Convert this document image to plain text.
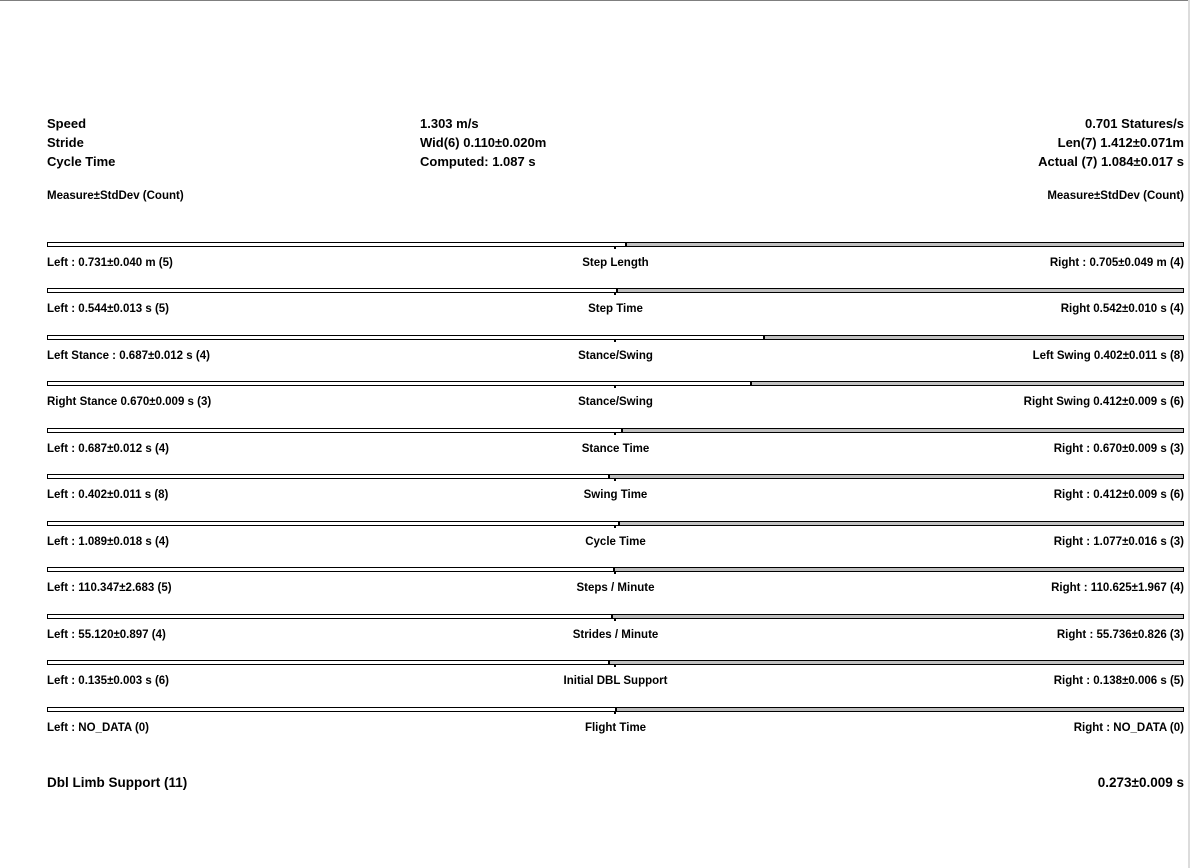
Speed	1.303 m/s	0.701 Statures/s
Stride	Wid(6) 0.110±0.020m	Len(7) 1.412±0.071m
Cycle Time	Computed: 1.087 s	Actual (7) 1.084±0.017 s
Measure±StdDev (Count)	Measure±StdDev (Count)
Left : 0.731±0.040 m (5)	Step Length	Right : 0.705±0.049 m (4)
Left : 0.544±0.013 s (5)	Step Time	Right 0.542±0.010 s (4)
Left Stance : 0.687±0.012 s (4)	Stance/Swing	Left Swing 0.402±0.011 s (8)
Right Stance 0.670±0.009 s (3)	Stance/Swing	Right Swing 0.412±0.009 s (6)
Left : 0.687±0.012 s (4)	Stance Time	Right : 0.670±0.009 s (3)
Left : 0.402±0.011 s (8)	Swing Time	Right : 0.412±0.009 s (6)
Left : 1.089±0.018 s (4)	Cycle Time	Right : 1.077±0.016 s (3)
Left : 110.347±2.683 (5)	Steps / Minute	Right : 110.625±1.967 (4)
Left : 55.120±0.897 (4)	Strides / Minute	Right : 55.736±0.826 (3)
Left : 0.135±0.003 s (6)	Initial DBL Support	Right : 0.138±0.006 s (5)
Left : NO_DATA (0)	Flight Time	Right : NO_DATA (0)
Dbl Limb Support (11)	0.273±0.009 s
